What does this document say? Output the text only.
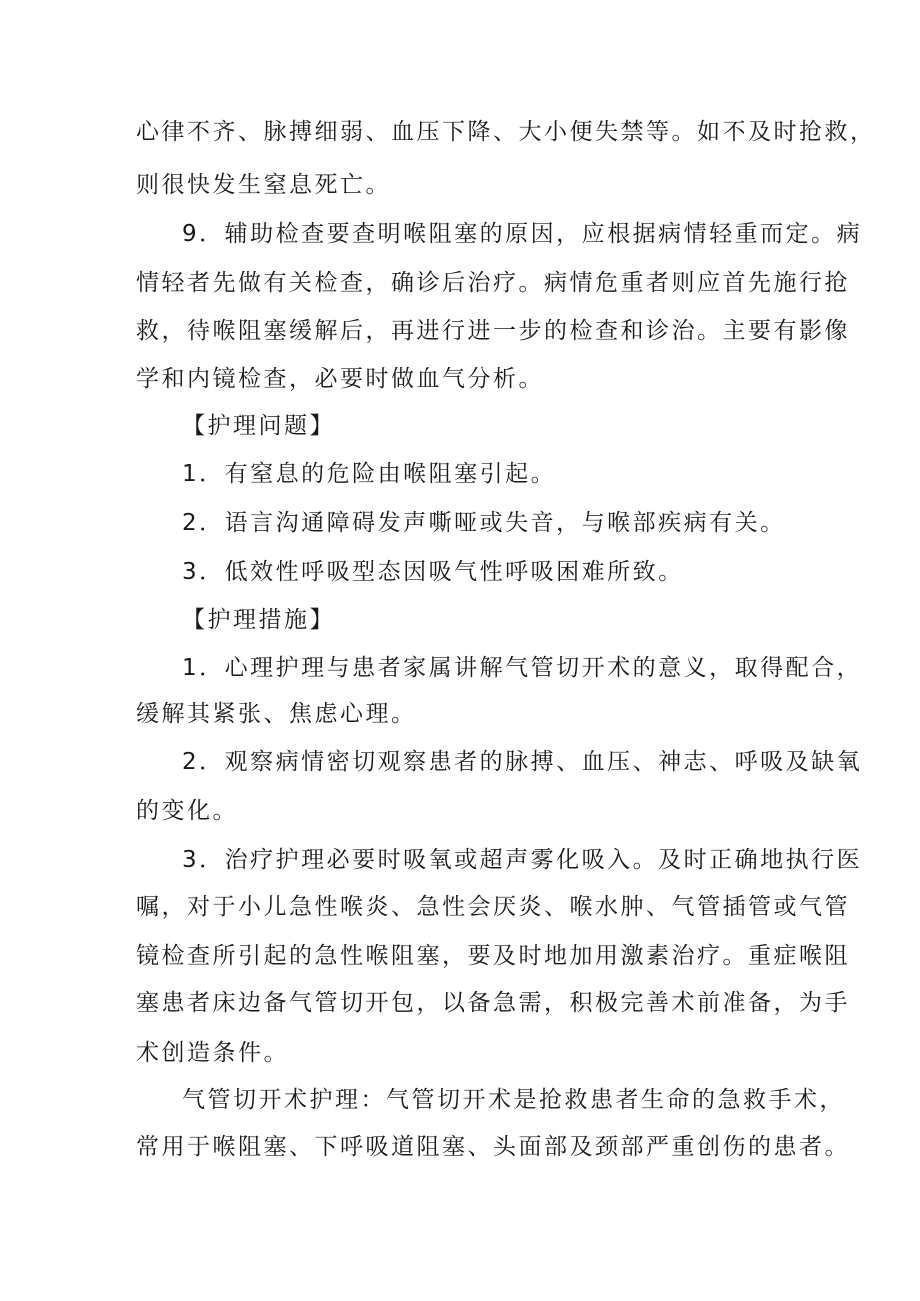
心律不齐、脉搏细弱、血压下降、大小便失禁等。如不及时抢救，
则很快发生窒息死亡。
9．辅助检查要查明喉阻塞的原因，应根据病情轻重而定。病
情轻者先做有关检查，确诊后治疗。病情危重者则应首先施行抢
救，待喉阻塞缓解后，再进行进一步的检查和诊治。主要有影像
学和内镜检查，必要时做血气分析。
【护理问题】
1．有窒息的危险由喉阻塞引起。
2．语言沟通障碍发声嘶哑或失音，与喉部疾病有关。
3．低效性呼吸型态因吸气性呼吸困难所致。
【护理措施】
1．心理护理与患者家属讲解气管切开术的意义，取得配合，
缓解其紧张、焦虑心理。
2．观察病情密切观察患者的脉搏、血压、神志、呼吸及缺氧
的变化。
3．治疗护理必要时吸氧或超声雾化吸入。及时正确地执行医
嘱，对于小儿急性喉炎、急性会厌炎、喉水肿、气管插管或气管
镜检查所引起的急性喉阻塞，要及时地加用激素治疗。重症喉阻
塞患者床边备气管切开包，以备急需，积极完善术前准备，为手
术创造条件。
气管切开术护理：气管切开术是抢救患者生命的急救手术，
常用于喉阻塞、下呼吸道阻塞、头面部及颈部严重创伤的患者。
